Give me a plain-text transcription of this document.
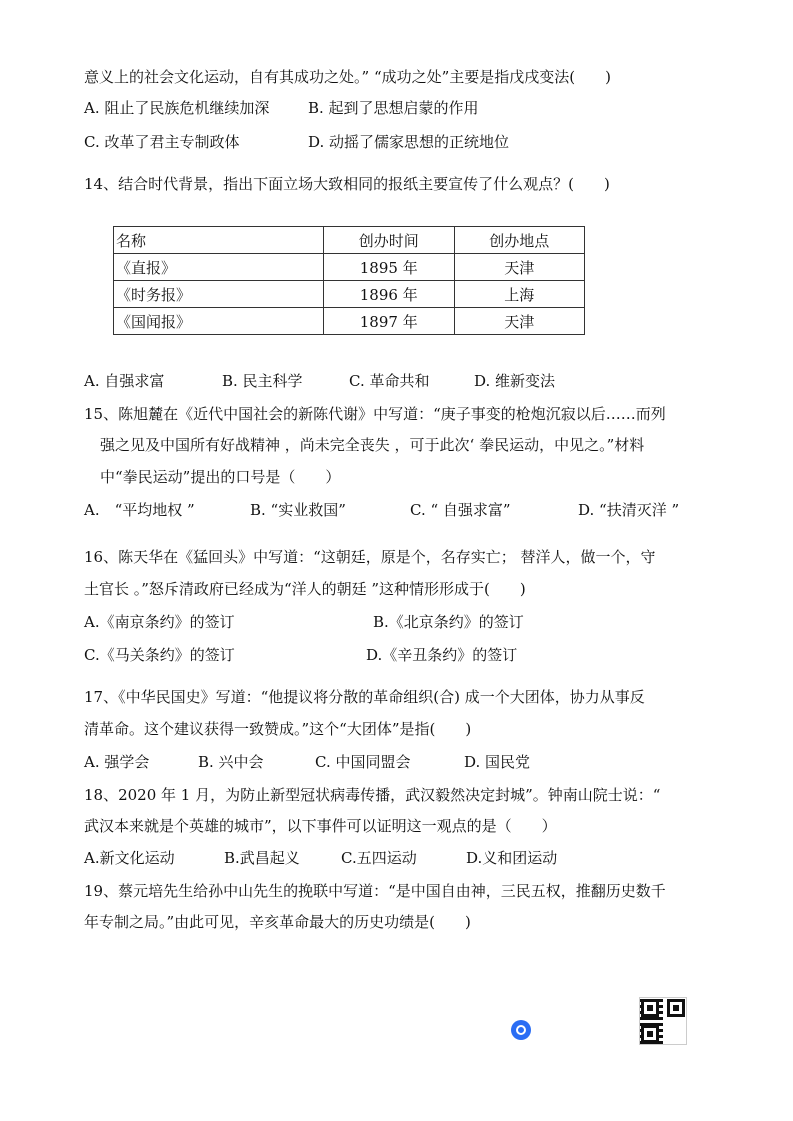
意义上的社会文化运动，自有其成功之处。” “成功之处”主要是指戊戌变法(　　)
A. 阻止了民族危机继续加深	B. 起到了思想启蒙的作用
C. 改革了君主专制政体	D. 动摇了儒家思想的正统地位
14、结合时代背景，指出下面立场大致相同的报纸主要宣传了什么观点？(　　)
名称	创办时间	创办地点
《直报》	1895 年	天津
《时务报》	1896 年	上海
《国闻报》	1897 年	天津
A. 自强求富	B. 民主科学	C. 革命共和	D. 维新变法
15、陈旭麓在《近代中国社会的新陈代谢》中写道：“庚子事变的枪炮沉寂以后……而列
强之见及中国所有好战精神 ，尚未完全丧失 ，可于此次‘ 拳民运动，中见之。”材料
中“拳民运动”提出的口号是（　　）
A.　“平均地权 ”	B. “实业救国”	C. “ 自强求富”	D. “扶清灭洋 ”
16、陈天华在《猛回头》中写道：“这朝廷，原是个，名存实亡； 替洋人，做一个，守
土官长 。”怒斥清政府已经成为“洋人的朝廷 ”这种情形形成于(　　)
A.《南京条约》的签订	B.《北京条约》的签订
C.《马关条约》的签订	D.《辛丑条约》的签订
17、《中华民国史》写道：“他提议将分散的革命组织(合) 成一个大团体，协力从事反
清革命。这个建议获得一致赞成。”这个“大团体”是指(　　)
A. 强学会	B. 兴中会	C. 中国同盟会	D. 国民党
18、2020 年 1 月，为防止新型冠状病毒传播，武汉毅然决定封城”。钟南山院士说：“
武汉本来就是个英雄的城市”，以下事件可以证明这一观点的是（　　）
A.新文化运动	B.武昌起义	C.五四运动	D.义和团运动
19、蔡元培先生给孙中山先生的挽联中写道：“是中国自由神，三民五权，推翻历史数千
年专制之局。”由此可见，辛亥革命最大的历史功绩是(　　)
